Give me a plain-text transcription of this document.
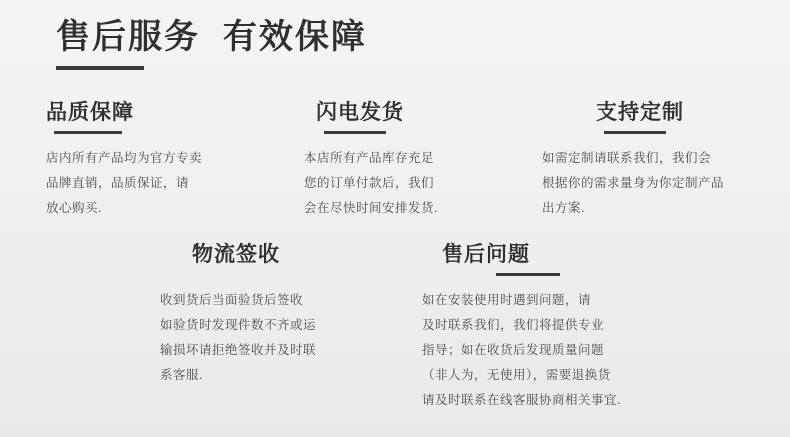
售后服务  有效保障
品质保障
店内所有产品均为官方专卖
品牌直销，品质保证，请
放心购买.
闪电发货
本店所有产品库存充足
您的订单付款后，我们
会在尽快时间安排发货.
支持定制
如需定制请联系我们，我们会
根据你的需求量身为你定制产品
出方案.
物流签收
收到货后当面验货后签收
如验货时发现件数不齐或运
输损坏请拒绝签收并及时联
系客服.
售后问题
如在安装使用时遇到问题，请
及时联系我们，我们将提供专业
指导；如在收货后发现质量问题
（非人为，无使用），需要退换货
请及时联系在线客服协商相关事宜.
